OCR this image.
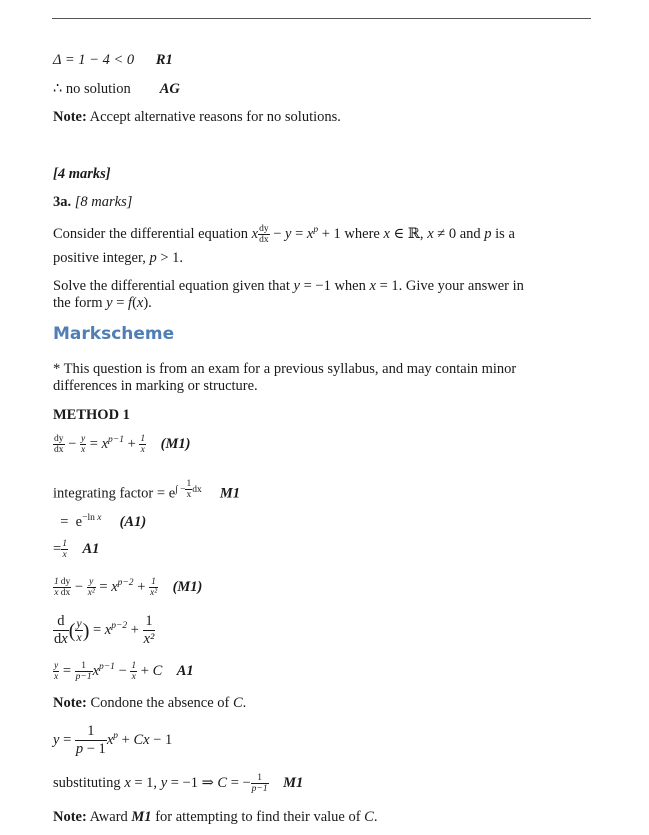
Δ = 1 − 4 < 0 R1
∴ no solution AG
Note: Accept alternative reasons for no solutions.
[4 marks]
3a. [8 marks]
Consider the differential equation x $\frac{dy}{dx} - y = x^p + 1$ where x ∈ ℝ, x ≠ 0 and p is a
positive integer, p > 1.
Solve the differential equation given that y = −1 when x = 1. Give your answer in
the form y = f(x).
Markscheme
* This question is from an exam for a previous syllabus, and may contain minor
differences in marking or structure.
METHOD 1
$\frac{dy}{dx} - \frac{y}{x} = x^{p-1} + \frac{1}{x} (M1)$
integrating factor = $e^{\int - \frac{1}{x} dx}$ M1
=  $e^{-ln x}$ (A1)
= $\frac{1}{x} A1$
$\frac{1}{x} \frac{dy}{dx} - \frac{y}{\text{x²}} = x^{p-2} + \frac{1}{\text{x²}} (M1)$
$\frac{d}{dx}$ ( $\frac{y}{x}$ ) = $x^{p-2} + \frac{1}{\text{x²}}$
$\frac{y}{x} = \frac{1}{p-1} x^{p-1} - \frac{1}{x} + C$ A1
Note: Condone the absence of C.
$y = \frac{1}{p - 1} x^p + Cx - 1$
substituting x = 1, y = −1 ⇒ C = − $\frac{1}{p-1} M1$
Note: Award M1 for attempting to find their value of C.
